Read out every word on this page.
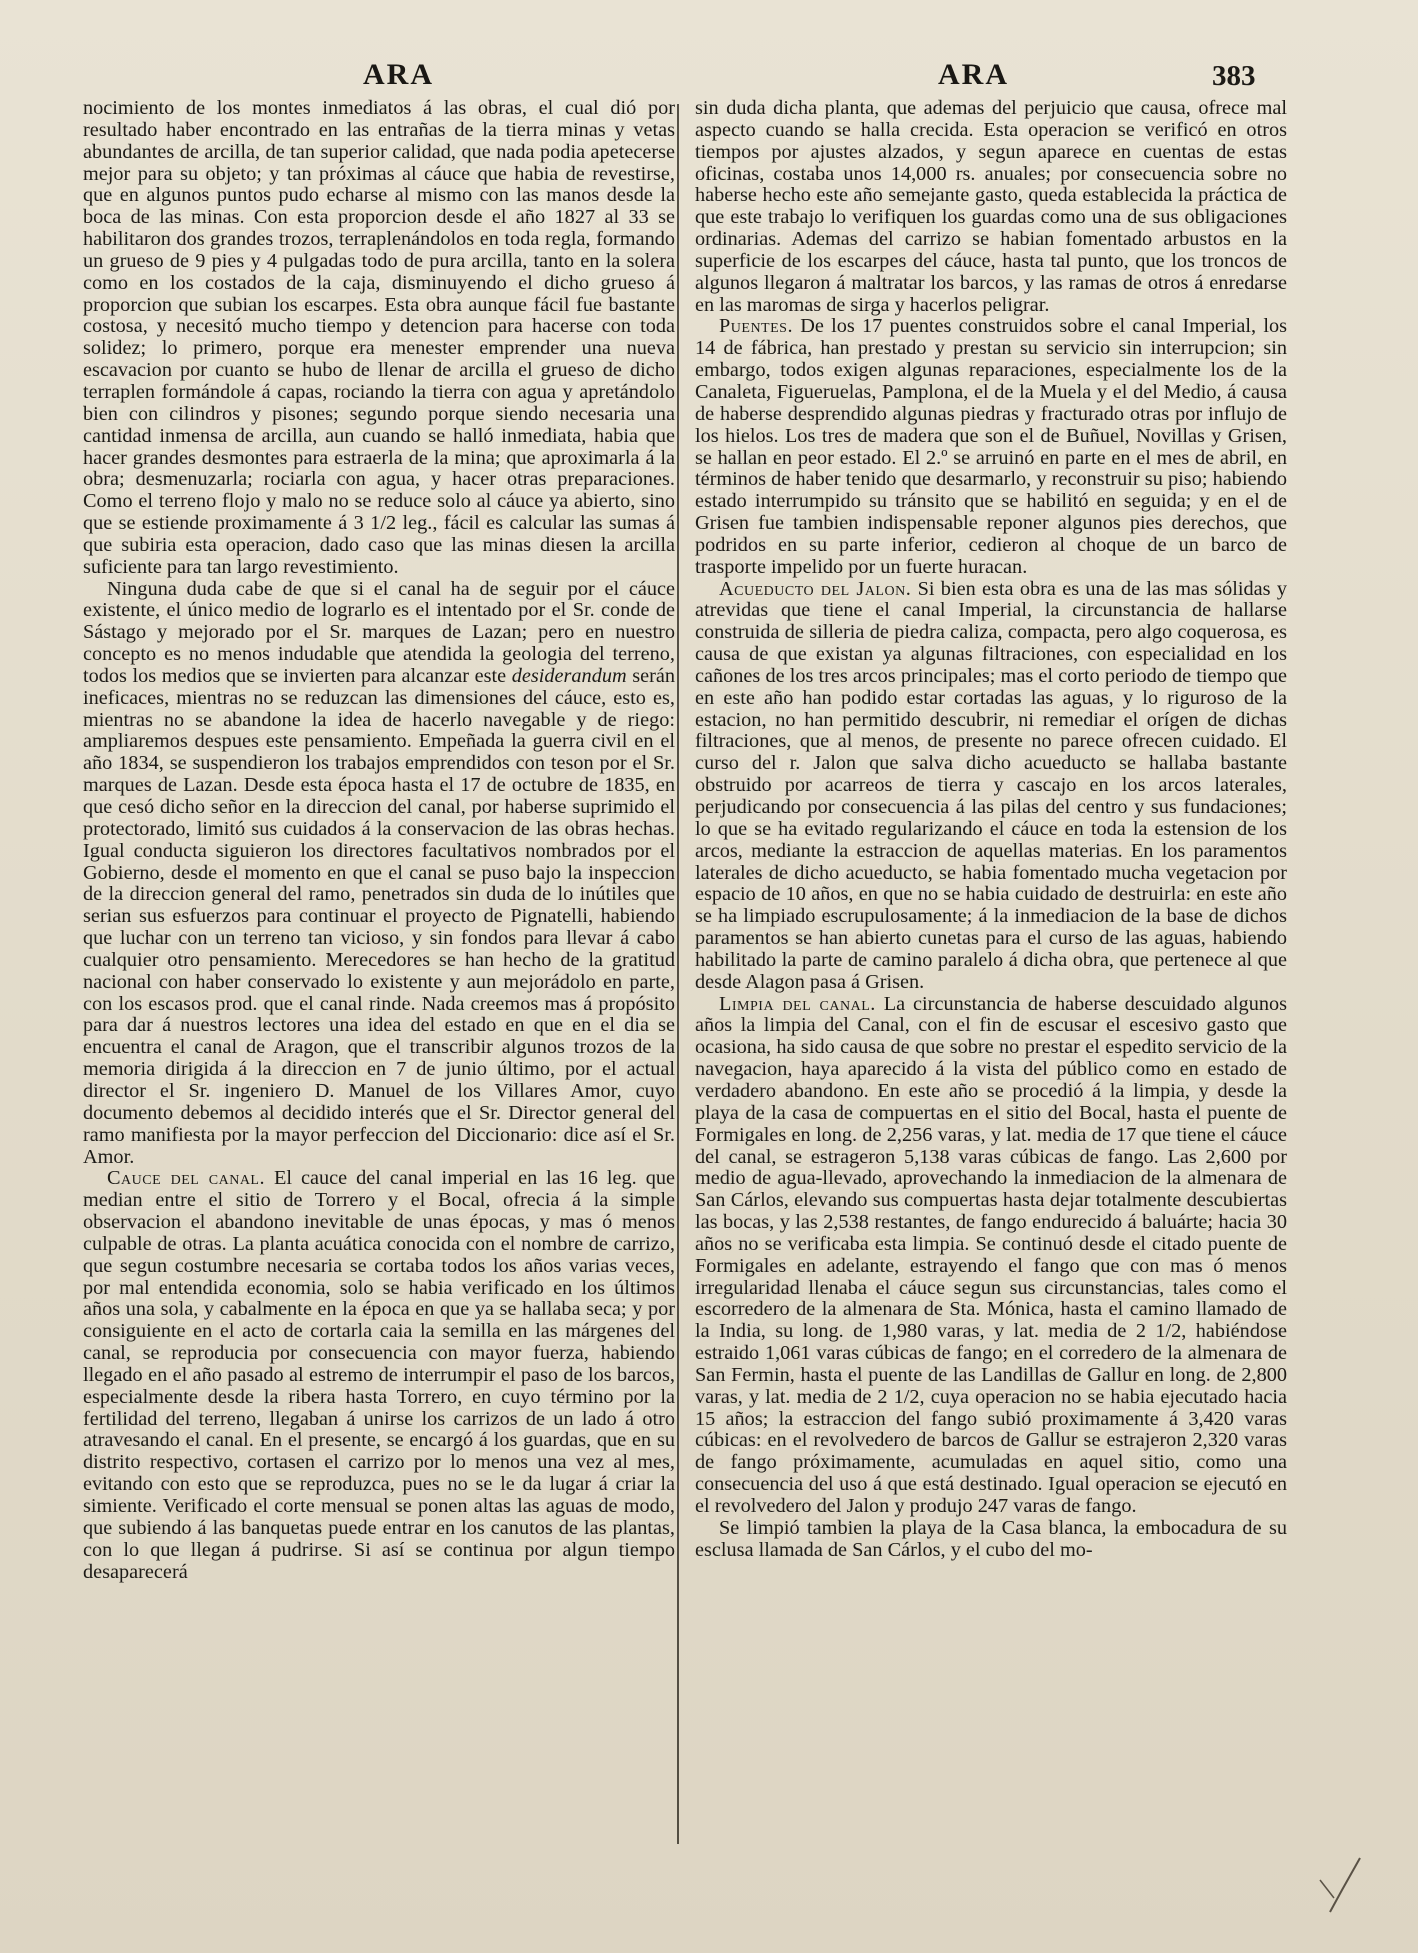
ARA	ARA	383

nocimiento de los montes inmediatos á las obras, el cual dió por resultado haber encontrado en las entrañas de la tierra minas y vetas abundantes de arcilla, de tan superior calidad, que nada podia apetecerse mejor para su objeto; y tan próximas al cáuce que habia de revestirse, que en algunos puntos pudo echarse al mismo con las manos desde la boca de las minas. Con esta proporcion desde el año 1827 al 33 se habilitaron dos grandes trozos, terraplenándolos en toda regla, formando un grueso de 9 pies y 4 pulgadas todo de pura arcilla, tanto en la solera como en los costados de la caja, disminuyendo el dicho grueso á proporcion que subian los escarpes. Esta obra aunque fácil fue bastante costosa, y necesitó mucho tiempo y detencion para hacerse con toda solidez; lo primero, porque era menester emprender una nueva escavacion por cuanto se hubo de llenar de arcilla el grueso de dicho terraplen formándole á capas, rociando la tierra con agua y apretándolo bien con cilindros y pisones; segundo porque siendo necesaria una cantidad inmensa de arcilla, aun cuando se halló inmediata, habia que hacer grandes desmontes para estraerla de la mina; que aproximarla á la obra; desmenuzarla; rociarla con agua, y hacer otras preparaciones. Como el terreno flojo y malo no se reduce solo al cáuce ya abierto, sino que se estiende proximamente á 3 1/2 leg., fácil es calcular las sumas á que subiria esta operacion, dado caso que las minas diesen la arcilla suficiente para tan largo revestimiento.

Ninguna duda cabe de que si el canal ha de seguir por el cáuce existente, el único medio de lograrlo es el intentado por el Sr. conde de Sástago y mejorado por el Sr. marques de Lazan; pero en nuestro concepto es no menos indudable que atendida la geologia del terreno, todos los medios que se invierten para alcanzar este desiderandum serán ineficaces, mientras no se reduzcan las dimensiones del cáuce, esto es, mientras no se abandone la idea de hacerlo navegable y de riego: ampliaremos despues este pensamiento. Empeñada la guerra civil en el año 1834, se suspendieron los trabajos emprendidos con teson por el Sr. marques de Lazan. Desde esta época hasta el 17 de octubre de 1835, en que cesó dicho señor en la direccion del canal, por haberse suprimido el protectorado, limitó sus cuidados á la conservacion de las obras hechas. Igual conducta siguieron los directores facultativos nombrados por el Gobierno, desde el momento en que el canal se puso bajo la inspeccion de la direccion general del ramo, penetrados sin duda de lo inútiles que serian sus esfuerzos para continuar el proyecto de Pignatelli, habiendo que luchar con un terreno tan vicioso, y sin fondos para llevar á cabo cualquier otro pensamiento. Merecedores se han hecho de la gratitud nacional con haber conservado lo existente y aun mejorádolo en parte, con los escasos prod. que el canal rinde. Nada creemos mas á propósito para dar á nuestros lectores una idea del estado en que en el dia se encuentra el canal de Aragon, que el transcribir algunos trozos de la memoria dirigida á la direccion en 7 de junio último, por el actual director el Sr. ingeniero D. Manuel de los Villares Amor, cuyo documento debemos al decidido interés que el Sr. Director general del ramo manifiesta por la mayor perfeccion del Diccionario: dice así el Sr. Amor.

Cauce del canal. El cauce del canal imperial en las 16 leg. que median entre el sitio de Torrero y el Bocal, ofrecia á la simple observacion el abandono inevitable de unas épocas, y mas ó menos culpable de otras. La planta acuática conocida con el nombre de carrizo, que segun costumbre necesaria se cortaba todos los años varias veces, por mal entendida economia, solo se habia verificado en los últimos años una sola, y cabalmente en la época en que ya se hallaba seca; y por consiguiente en el acto de cortarla caia la semilla en las márgenes del canal, se reproducia por consecuencia con mayor fuerza, habiendo llegado en el año pasado al estremo de interrumpir el paso de los barcos, especialmente desde la ribera hasta Torrero, en cuyo término por la fertilidad del terreno, llegaban á unirse los carrizos de un lado á otro atravesando el canal. En el presente, se encargó á los guardas, que en su distrito respectivo, cortasen el carrizo por lo menos una vez al mes, evitando con esto que se reproduzca, pues no se le da lugar á criar la simiente. Verificado el corte mensual se ponen altas las aguas de modo, que subiendo á las banquetas puede entrar en los canutos de las plantas, con lo que llegan á pudrirse. Si así se continua por algun tiempo desaparecerá

sin duda dicha planta, que ademas del perjuicio que causa, ofrece mal aspecto cuando se halla crecida. Esta operacion se verificó en otros tiempos por ajustes alzados, y segun aparece en cuentas de estas oficinas, costaba unos 14,000 rs. anuales; por consecuencia sobre no haberse hecho este año semejante gasto, queda establecida la práctica de que este trabajo lo verifiquen los guardas como una de sus obligaciones ordinarias. Ademas del carrizo se habian fomentado arbustos en la superficie de los escarpes del cáuce, hasta tal punto, que los troncos de algunos llegaron á maltratar los barcos, y las ramas de otros á enredarse en las maromas de sirga y hacerlos peligrar.

Puentes. De los 17 puentes construidos sobre el canal Imperial, los 14 de fábrica, han prestado y prestan su servicio sin interrupcion; sin embargo, todos exigen algunas reparaciones, especialmente los de la Canaleta, Figueruelas, Pamplona, el de la Muela y el del Medio, á causa de haberse desprendido algunas piedras y fracturado otras por influjo de los hielos. Los tres de madera que son el de Buñuel, Novillas y Grisen, se hallan en peor estado. El 2.º se arruinó en parte en el mes de abril, en términos de haber tenido que desarmarlo, y reconstruir su piso; habiendo estado interrumpido su tránsito que se habilitó en seguida; y en el de Grisen fue tambien indispensable reponer algunos pies derechos, que podridos en su parte inferior, cedieron al choque de un barco de trasporte impelido por un fuerte huracan.

Acueducto del Jalon. Si bien esta obra es una de las mas sólidas y atrevidas que tiene el canal Imperial, la circunstancia de hallarse construida de silleria de piedra caliza, compacta, pero algo coquerosa, es causa de que existan ya algunas filtraciones, con especialidad en los cañones de los tres arcos principales; mas el corto periodo de tiempo que en este año han podido estar cortadas las aguas, y lo riguroso de la estacion, no han permitido descubrir, ni remediar el orígen de dichas filtraciones, que al menos, de presente no parece ofrecen cuidado. El curso del r. Jalon que salva dicho acueducto se hallaba bastante obstruido por acarreos de tierra y cascajo en los arcos laterales, perjudicando por consecuencia á las pilas del centro y sus fundaciones; lo que se ha evitado regularizando el cáuce en toda la estension de los arcos, mediante la estraccion de aquellas materias. En los paramentos laterales de dicho acueducto, se habia fomentado mucha vegetacion por espacio de 10 años, en que no se habia cuidado de destruirla: en este año se ha limpiado escrupulosamente; á la inmediacion de la base de dichos paramentos se han abierto cunetas para el curso de las aguas, habiendo habilitado la parte de camino paralelo á dicha obra, que pertenece al que desde Alagon pasa á Grisen.

Limpia del canal. La circunstancia de haberse descuidado algunos años la limpia del Canal, con el fin de escusar el escesivo gasto que ocasiona, ha sido causa de que sobre no prestar el espedito servicio de la navegacion, haya aparecido á la vista del público como en estado de verdadero abandono. En este año se procedió á la limpia, y desde la playa de la casa de compuertas en el sitio del Bocal, hasta el puente de Formigales en long. de 2,256 varas, y lat. media de 17 que tiene el cáuce del canal, se estrageron 5,138 varas cúbicas de fango. Las 2,600 por medio de agua-llevado, aprovechando la inmediacion de la almenara de San Cárlos, elevando sus compuertas hasta dejar totalmente descubiertas las bocas, y las 2,538 restantes, de fango endurecido á baluárte; hacia 30 años no se verificaba esta limpia. Se continuó desde el citado puente de Formigales en adelante, estrayendo el fango que con mas ó menos irregularidad llenaba el cáuce segun sus circunstancias, tales como el escorredero de la almenara de Sta. Mónica, hasta el camino llamado de la India, su long. de 1,980 varas, y lat. media de 2 1/2, habiéndose estraido 1,061 varas cúbicas de fango; en el corredero de la almenara de San Fermin, hasta el puente de las Landillas de Gallur en long. de 2,800 varas, y lat. media de 2 1/2, cuya operacion no se habia ejecutado hacia 15 años; la estraccion del fango subió proximamente á 3,420 varas cúbicas: en el revolvedero de barcos de Gallur se estrajeron 2,320 varas de fango próximamente, acumuladas en aquel sitio, como una consecuencia del uso á que está destinado. Igual operacion se ejecutó en el revolvedero del Jalon y produjo 247 varas de fango.

Se limpió tambien la playa de la Casa blanca, la embocadura de su esclusa llamada de San Cárlos, y el cubo del mo-
